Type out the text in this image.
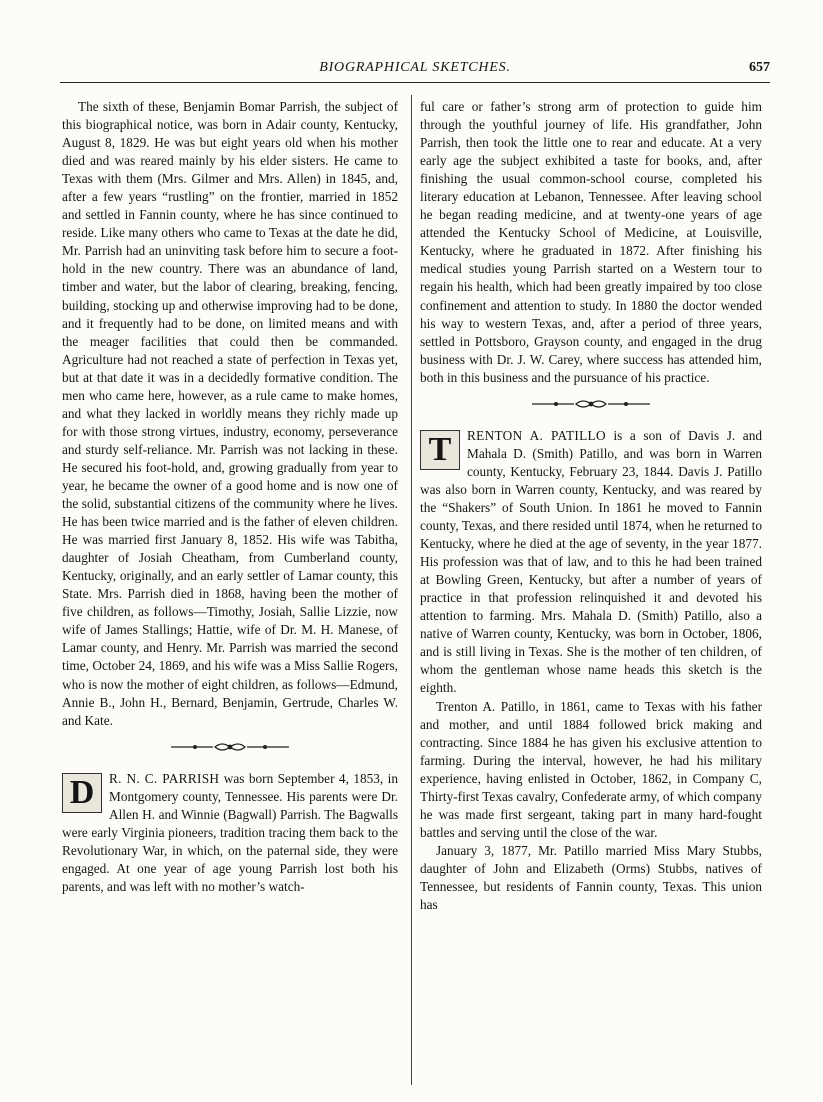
BIOGRAPHICAL SKETCHES.	657

The sixth of these, Benjamin Bomar Parrish, the subject of this biographical notice, was born in Adair county, Kentucky, August 8, 1829. He was but eight years old when his mother died and was reared mainly by his elder sisters. He came to Texas with them (Mrs. Gilmer and Mrs. Allen) in 1845, and, after a few years “rustling” on the frontier, married in 1852 and settled in Fannin county, where he has since continued to reside. Like many others who came to Texas at the date he did, Mr. Parrish had an uninviting task before him to secure a foot-hold in the new country. There was an abundance of land, timber and water, but the labor of clearing, breaking, fencing, building, stocking up and otherwise improving had to be done, and it frequently had to be done, on limited means and with the meager facilities that could then be commanded. Agriculture had not reached a state of perfection in Texas yet, but at that date it was in a decidedly formative condition. The men who came here, however, as a rule came to make homes, and what they lacked in worldly means they richly made up for with those strong virtues, industry, economy, perseverance and sturdy self-reliance. Mr. Parrish was not lacking in these. He secured his foot-hold, and, growing gradually from year to year, he became the owner of a good home and is now one of the solid, substantial citizens of the community where he lives. He has been twice married and is the father of eleven children. He was married first January 8, 1852. His wife was Tabitha, daughter of Josiah Cheatham, from Cumberland county, Kentucky, originally, and an early settler of Lamar county, this State. Mrs. Parrish died in 1868, having been the mother of five children, as follows—Timothy, Josiah, Sallie Lizzie, now wife of James Stallings; Hattie, wife of Dr. M. H. Manese, of Lamar county, and Henry. Mr. Parrish was married the second time, October 24, 1869, and his wife was a Miss Sallie Rogers, who is now the mother of eight children, as follows—Edmund, Annie B., John H., Bernard, Benjamin, Gertrude, Charles W. and Kate.

D	R. N. C. PARRISH was born September 4, 1853, in Montgomery county, Tennessee. His parents were Dr. Allen H. and Winnie (Bagwall) Parrish. The Bagwalls were early Virginia pioneers, tradition tracing them back to the Revolutionary War, in which, on the paternal side, they were engaged. At one year of age young Parrish lost both his parents, and was left with no mother’s watch-

ful care or father’s strong arm of protection to guide him through the youthful journey of life. His grandfather, John Parrish, then took the little one to rear and educate. At a very early age the subject exhibited a taste for books, and, after finishing the usual common-school course, completed his literary education at Lebanon, Tennessee. After leaving school he began reading medicine, and at twenty-one years of age attended the Kentucky School of Medicine, at Louisville, Kentucky, where he graduated in 1872. After finishing his medical studies young Parrish started on a Western tour to regain his health, which had been greatly impaired by too close confinement and attention to study. In 1880 the doctor wended his way to western Texas, and, after a period of three years, settled in Pottsboro, Grayson county, and engaged in the drug business with Dr. J. W. Carey, where success has attended him, both in this business and the pursuance of his practice.

T	RENTON A. PATILLO is a son of Davis J. and Mahala D. (Smith) Patillo, and was born in Warren county, Kentucky, February 23, 1844. Davis J. Patillo was also born in Warren county, Kentucky, and was reared by the “Shakers” of South Union. In 1861 he moved to Fannin county, Texas, and there resided until 1874, when he returned to Kentucky, where he died at the age of seventy, in the year 1877. His profession was that of law, and to this he had been trained at Bowling Green, Kentucky, but after a number of years of practice in that profession relinquished it and devoted his attention to farming. Mrs. Mahala D. (Smith) Patillo, also a native of Warren county, Kentucky, was born in October, 1806, and is still living in Texas. She is the mother of ten children, of whom the gentleman whose name heads this sketch is the eighth.

Trenton A. Patillo, in 1861, came to Texas with his father and mother, and until 1884 followed brick making and contracting. Since 1884 he has given his exclusive attention to farming. During the interval, however, he had his military experience, having enlisted in October, 1862, in Company C, Thirty-first Texas cavalry, Confederate army, of which company he was made first sergeant, taking part in many hard-fought battles and serving until the close of the war.

January 3, 1877, Mr. Patillo married Miss Mary Stubbs, daughter of John and Elizabeth (Orms) Stubbs, natives of Tennessee, but residents of Fannin county, Texas. This union has
